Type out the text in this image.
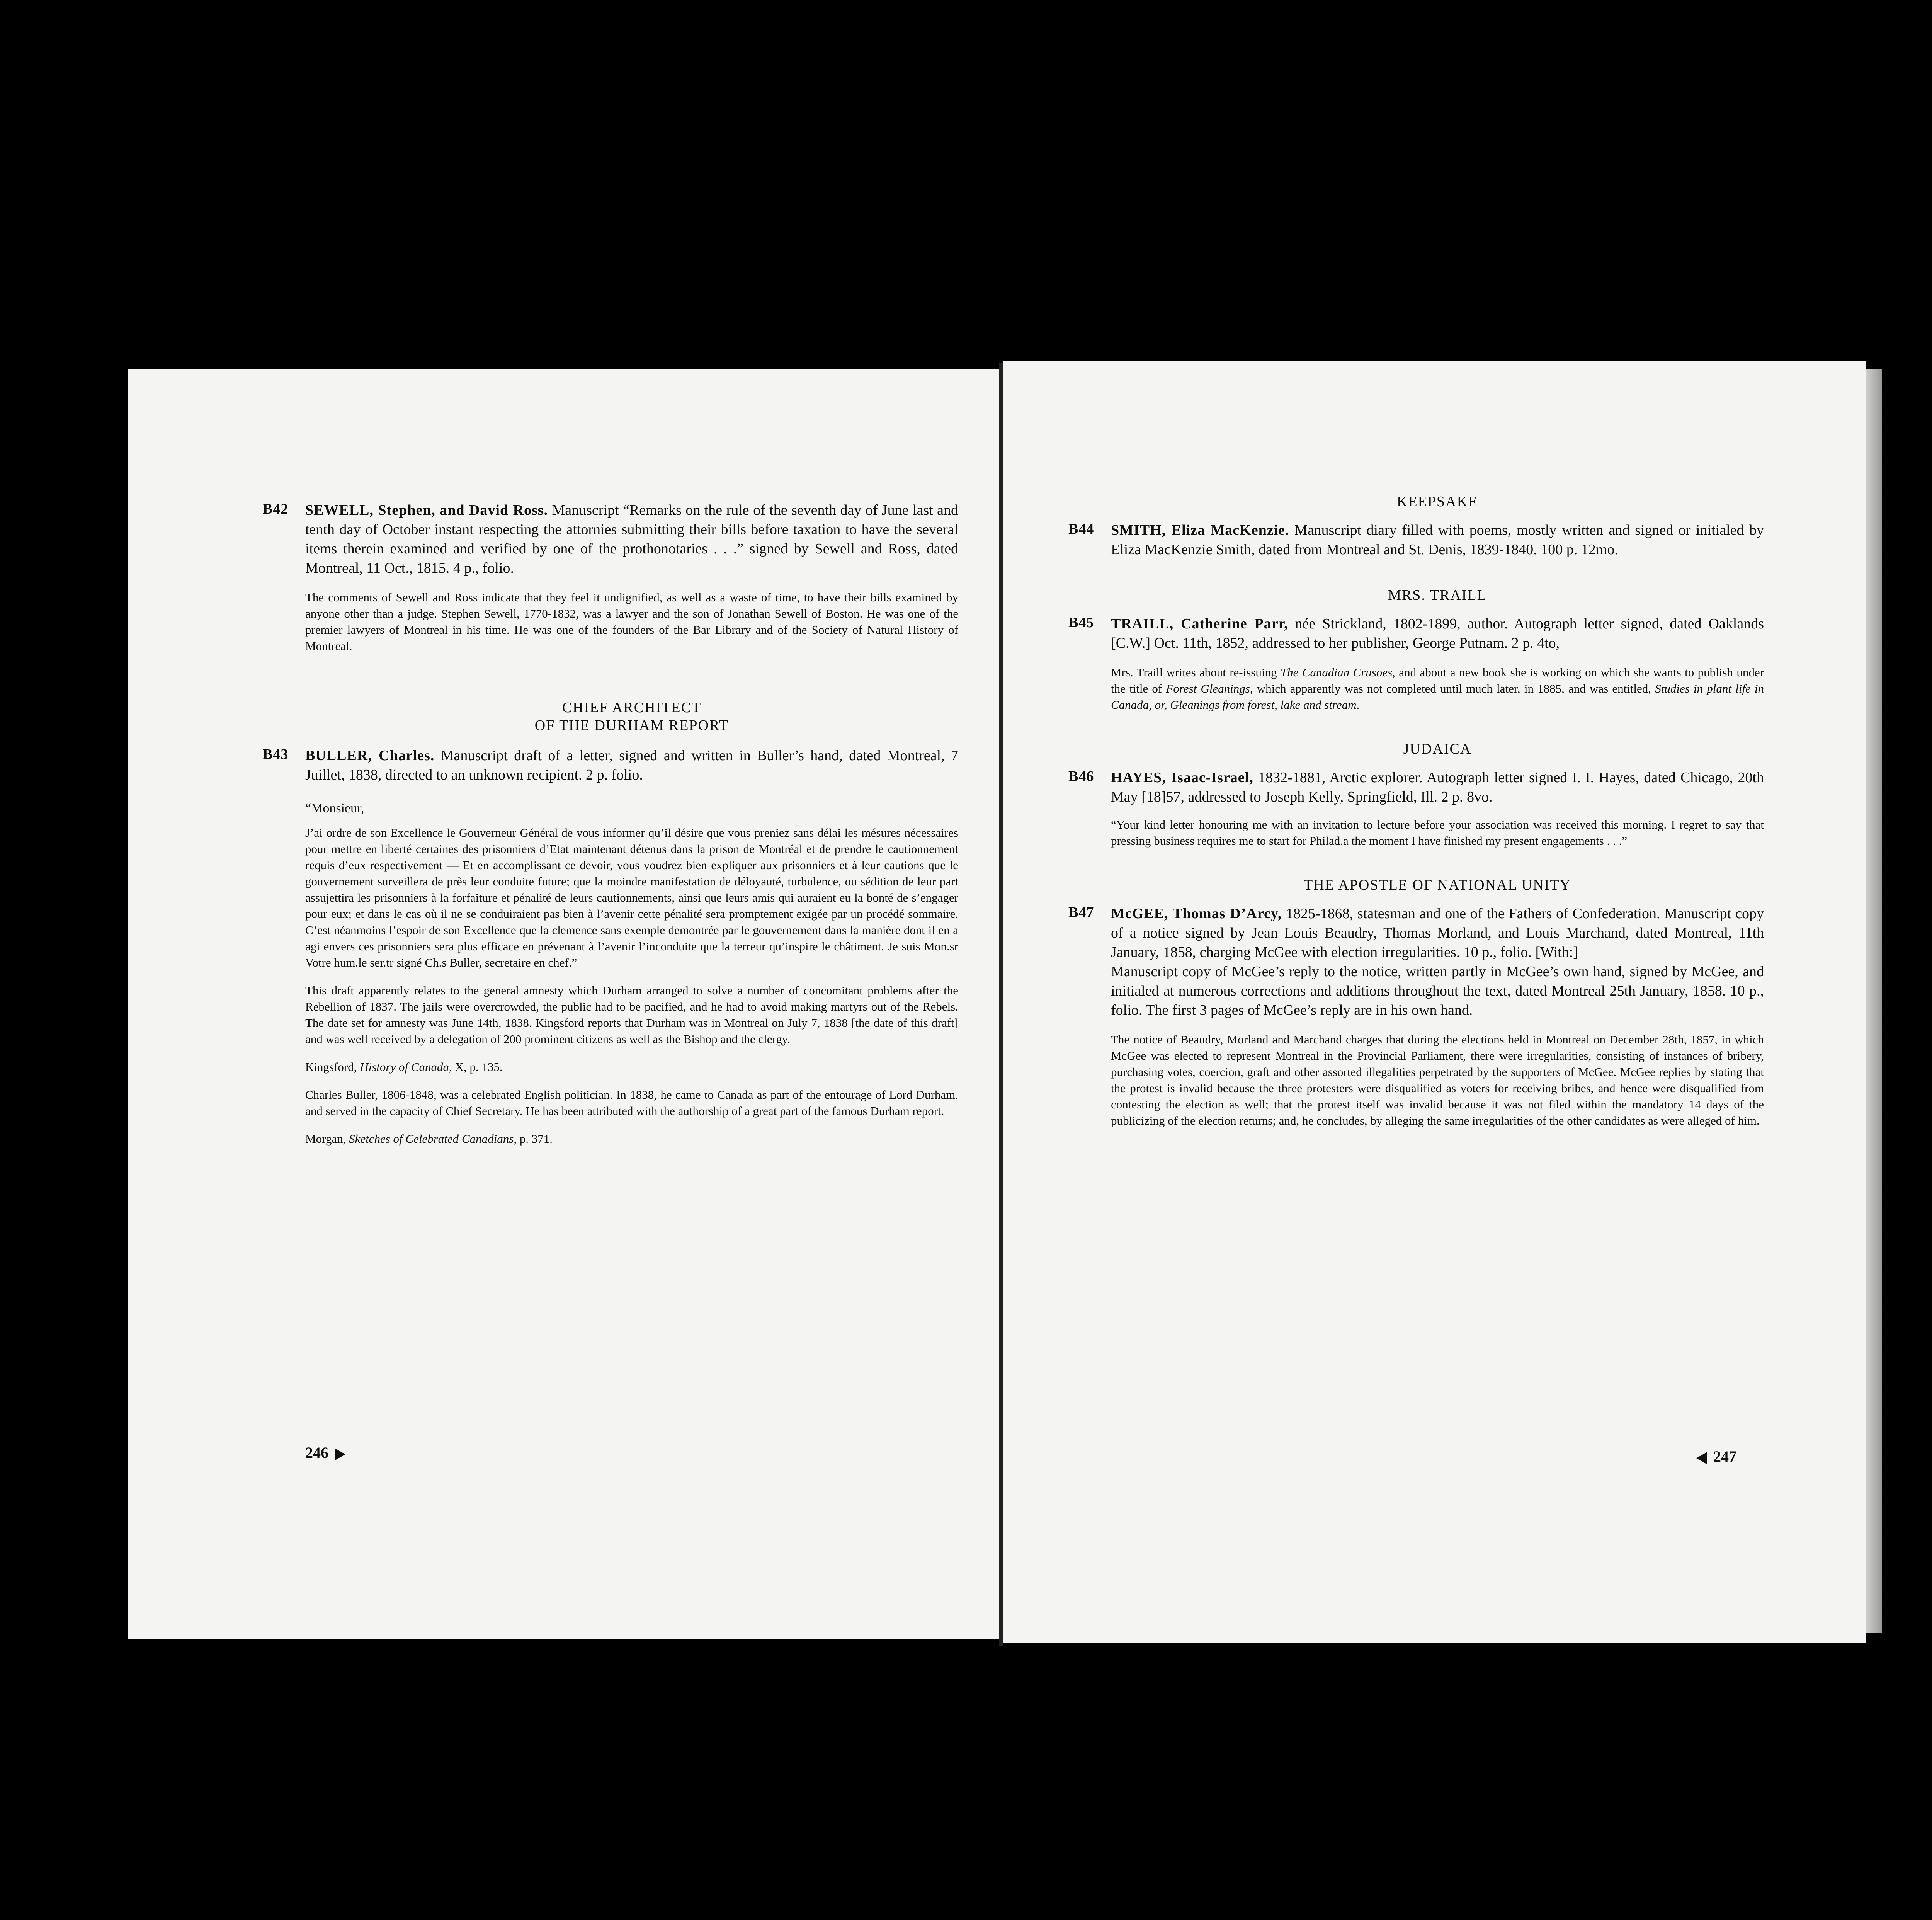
B42 SEWELL, Stephen, and David Ross. Manuscript “Remarks on the rule of the seventh day of June last and tenth day of October instant respecting the attornies submitting their bills before taxation to have the several items therein examined and verified by one of the prothonotaries . . .” signed by Sewell and Ross, dated Montreal, 11 Oct., 1815. 4 p., folio.

The comments of Sewell and Ross indicate that they feel it undignified, as well as a waste of time, to have their bills examined by anyone other than a judge. Stephen Sewell, 1770-1832, was a lawyer and the son of Jonathan Sewell of Boston. He was one of the premier lawyers of Montreal in his time. He was one of the founders of the Bar Library and of the Society of Natural History of Montreal.

CHIEF ARCHITECT

OF THE DURHAM REPORT

B43 BULLER, Charles. Manuscript draft of a letter, signed and written in Buller’s hand, dated Montreal, 7 Juillet, 1838, directed to an unknown recipient. 2 p. folio.

“Monsieur,

J’ai ordre de son Excellence le Gouverneur Général de vous informer qu’il désire que vous preniez sans délai les mésures nécessaires pour mettre en liberté certaines des prisonniers d’Etat maintenant détenus dans la prison de Montréal et de prendre le cautionnement requis d’eux respectivement — Et en accomplissant ce devoir, vous voudrez bien expliquer aux prisonniers et à leur cautions que le gouvernement surveillera de près leur conduite future; que la moindre manifestation de déloyauté, turbulence, ou sédition de leur part assujettira les prisonniers à la forfaiture et pénalité de leurs cautionnements, ainsi que leurs amis qui auraient eu la bonté de s’engager pour eux; et dans le cas où il ne se conduiraient pas bien à l’avenir cette pénalité sera promptement exigée par un procédé sommaire. C’est néanmoins l’espoir de son Excellence que la clemence sans exemple demontrée par le gouvernement dans la manière dont il en a agi envers ces prisonniers sera plus efficace en prévenant à l’avenir l’inconduite que la terreur qu’inspire le châtiment. Je suis Mon.sr Votre hum.le ser.tr signé Ch.s Buller, secretaire en chef.”

This draft apparently relates to the general amnesty which Durham arranged to solve a number of concomitant problems after the Rebellion of 1837. The jails were overcrowded, the public had to be pacified, and he had to avoid making martyrs out of the Rebels. The date set for amnesty was June 14th, 1838. Kingsford reports that Durham was in Montreal on July 7, 1838 [the date of this draft] and was well received by a delegation of 200 prominent citizens as well as the Bishop and the clergy.

Kingsford, History of Canada, X, p. 135.

Charles Buller, 1806-1848, was a celebrated English politician. In 1838, he came to Canada as part of the entourage of Lord Durham, and served in the capacity of Chief Secretary. He has been attributed with the authorship of a great part of the famous Durham report.

Morgan, Sketches of Celebrated Canadians, p. 371.

246

KEEPSAKE

B44 SMITH, Eliza MacKenzie. Manuscript diary filled with poems, mostly written and signed or initialed by Eliza MacKenzie Smith, dated from Montreal and St. Denis, 1839-1840. 100 p. 12mo.

MRS. TRAILL

B45 TRAILL, Catherine Parr, née Strickland, 1802-1899, author. Autograph letter signed, dated Oaklands [C.W.] Oct. 11th, 1852, addressed to her publisher, George Putnam. 2 p. 4to,

Mrs. Traill writes about re-issuing The Canadian Crusoes, and about a new book she is working on which she wants to publish under the title of Forest Gleanings, which apparently was not completed until much later, in 1885, and was entitled, Studies in plant life in Canada, or, Gleanings from forest, lake and stream.

JUDAICA

B46 HAYES, Isaac-Israel, 1832-1881, Arctic explorer. Autograph letter signed I. I. Hayes, dated Chicago, 20th May [18]57, addressed to Joseph Kelly, Springfield, Ill. 2 p. 8vo.

“Your kind letter honouring me with an invitation to lecture before your association was received this morning. I regret to say that pressing business requires me to start for Philad.a the moment I have finished my present engagements . . .”

THE APOSTLE OF NATIONAL UNITY

B47 McGEE, Thomas D’Arcy, 1825-1868, statesman and one of the Fathers of Confederation. Manuscript copy of a notice signed by Jean Louis Beaudry, Thomas Morland, and Louis Marchand, dated Montreal, 11th January, 1858, charging McGee with election irregularities. 10 p., folio. [With:]

Manuscript copy of McGee’s reply to the notice, written partly in McGee’s own hand, signed by McGee, and initialed at numerous corrections and additions throughout the text, dated Montreal 25th January, 1858. 10 p., folio. The first 3 pages of McGee’s reply are in his own hand.

The notice of Beaudry, Morland and Marchand charges that during the elections held in Montreal on December 28th, 1857, in which McGee was elected to represent Montreal in the Provincial Parliament, there were irregularities, consisting of instances of bribery, purchasing votes, coercion, graft and other assorted illegalities perpetrated by the supporters of McGee. McGee replies by stating that the protest is invalid because the three protesters were disqualified as voters for receiving bribes, and hence were disqualified from contesting the election as well; that the protest itself was invalid because it was not filed within the mandatory 14 days of the publicizing of the election returns; and, he concludes, by alleging the same irregularities of the other candidates as were alleged of him.

247
